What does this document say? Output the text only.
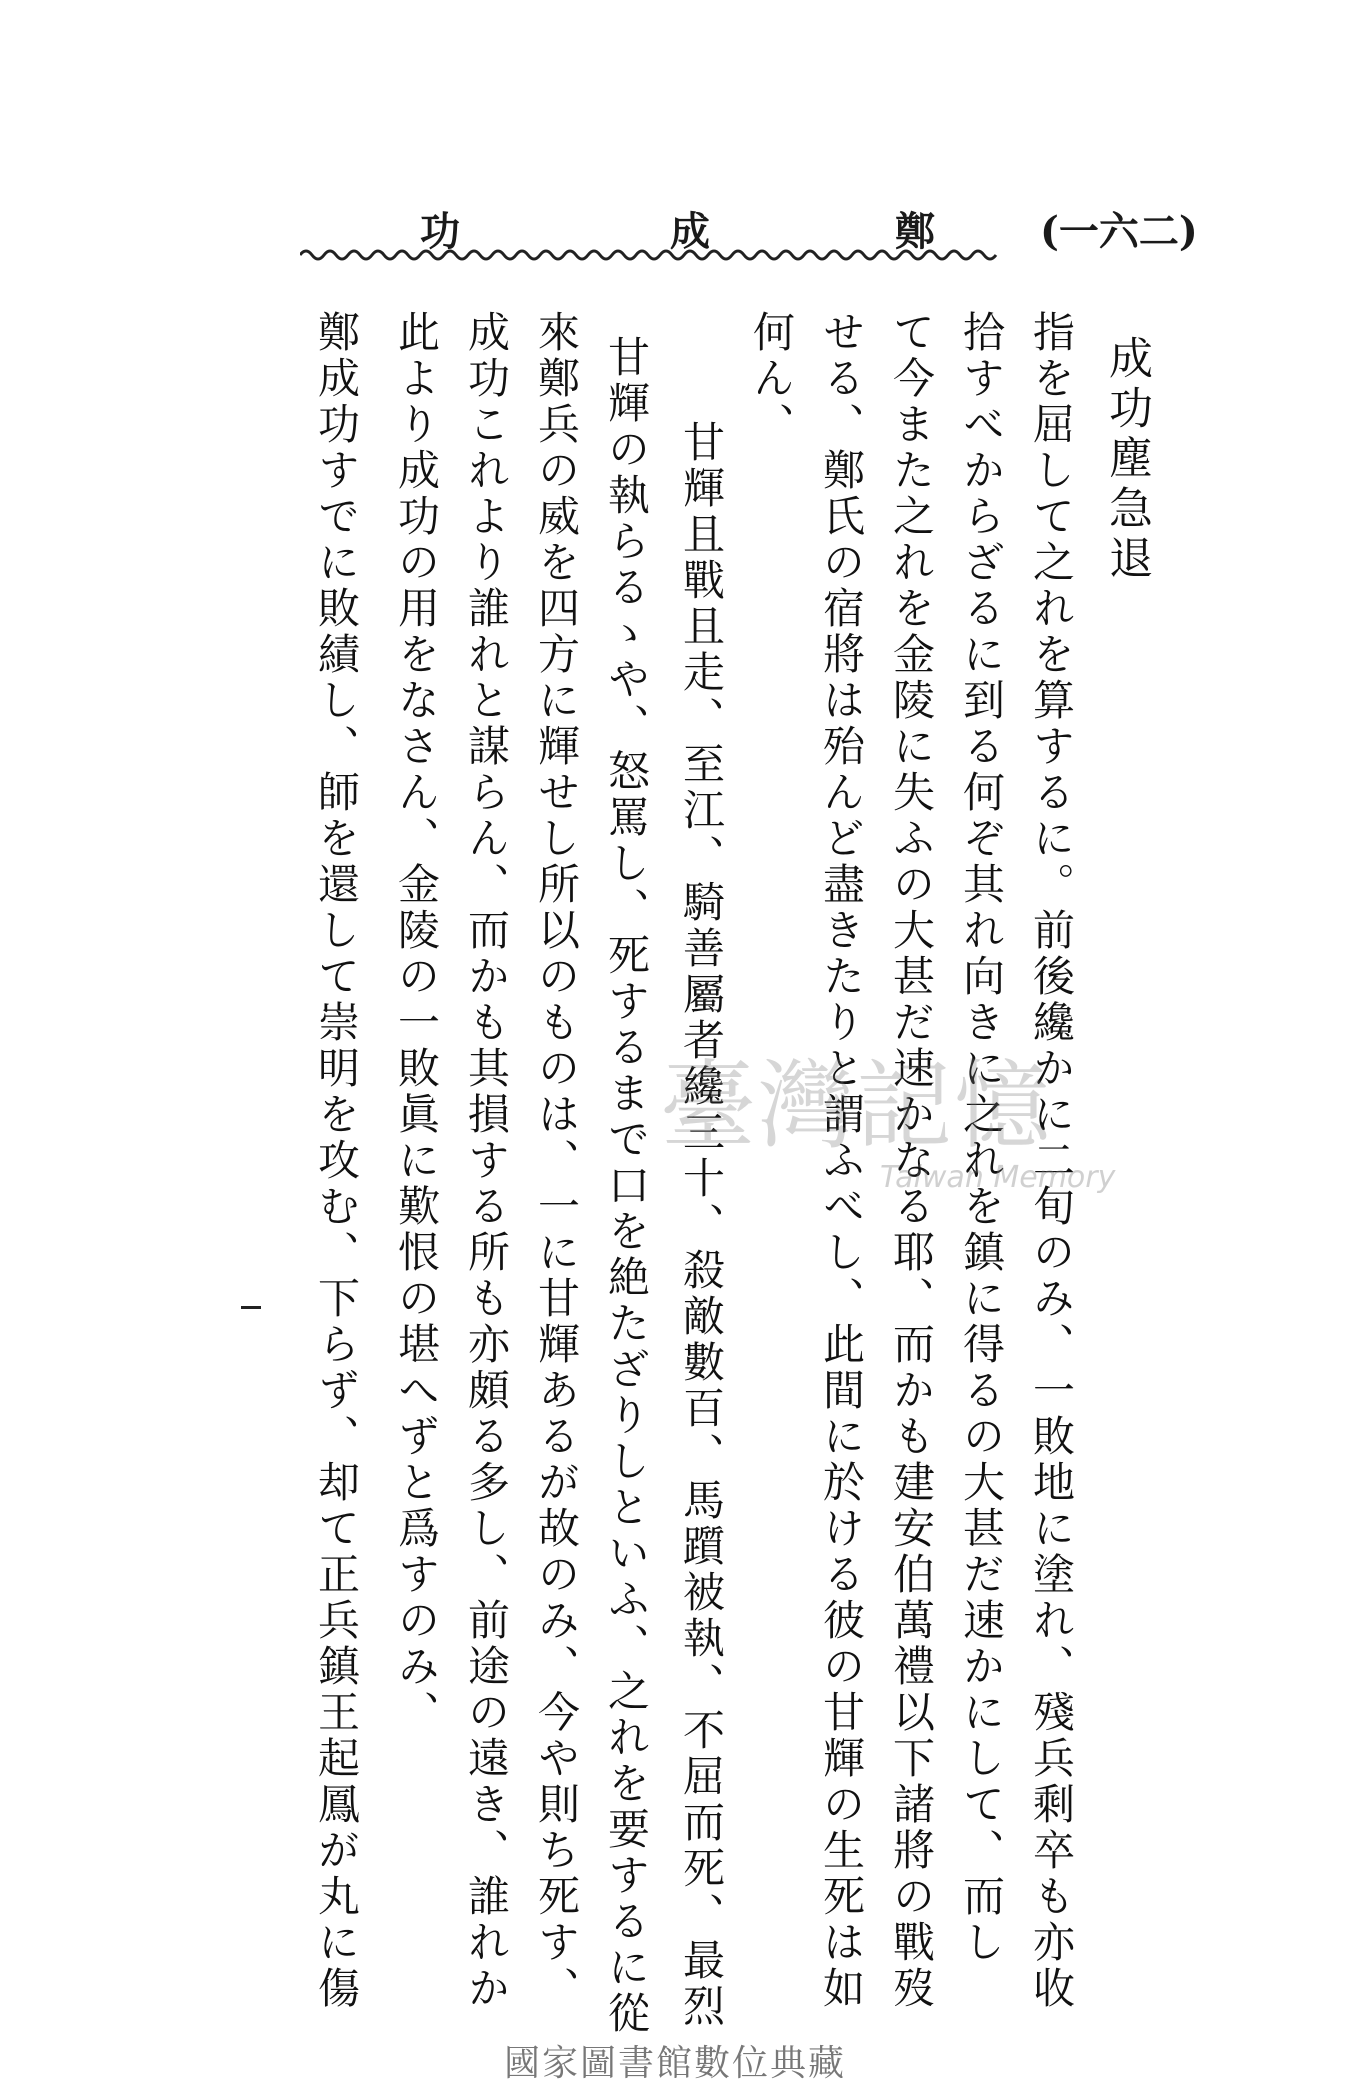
(一六二)
鄭
成
功
成功塵急退
指を屈して之れを算するに。前後纔かに二旬のみ、一敗地に塗れ、殘兵剩卒も亦收
拾すべからざるに到る何ぞ其れ向きに之れを鎮に得るの大甚だ速かにして、而し
て今また之れを金陵に失ふの大甚だ速かなる耶、而かも建安伯萬禮以下諸將の戰歿
せる、鄭氏の宿將は殆んど盡きたりと謂ふべし、此間に於ける彼の甘輝の生死は如
何ん、
甘輝且戰且走、至江、騎善屬者纔三十、殺敵數百、馬躓被執、不屈而死、最烈
甘輝の執らるゝや、怒罵し、死するまで口を絶たざりしといふ、之れを要するに從
來鄭兵の威を四方に輝せし所以のものは、一に甘輝あるが故のみ、今や則ち死す、
成功これより誰れと謀らん、而かも其損する所も亦頗る多し、前途の遠き、誰れか
此より成功の用をなさん、金陵の一敗眞に歎恨の堪へずと爲すのみ、
鄭成功すでに敗績し、師を還して崇明を攻む、下らず、却て正兵鎮王起鳳が丸に傷	臺灣記憶
Taiwan Memory
國家圖書館數位典藏
